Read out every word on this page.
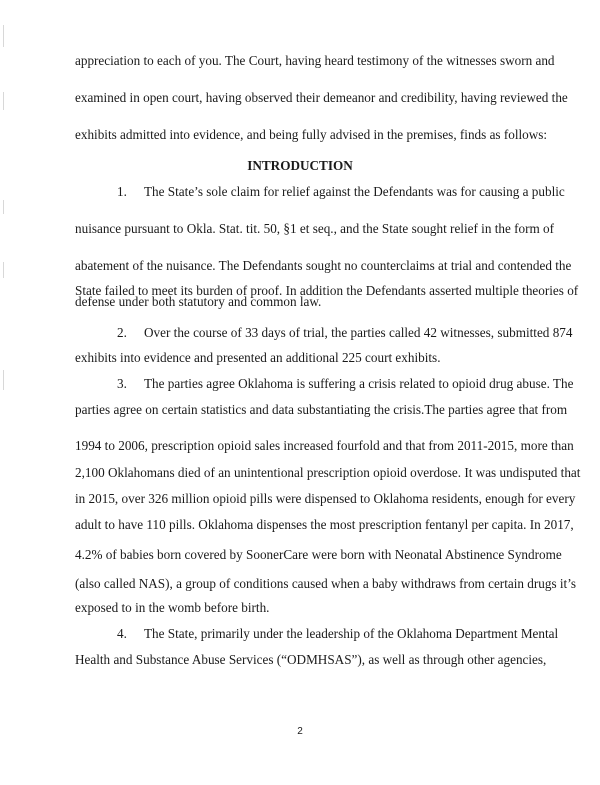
appreciation to each of you. The Court, having heard testimony of the witnesses sworn and
examined in open court, having observed their demeanor and credibility, having reviewed the
exhibits admitted into evidence, and being fully advised in the premises, finds as follows:
INTRODUCTION
1. The State’s sole claim for relief against the Defendants was for causing a public
nuisance pursuant to Okla. Stat. tit. 50, §1 et seq., and the State sought relief in the form of
abatement of the nuisance. The Defendants sought no counterclaims at trial and contended the
State failed to meet its burden of proof. In addition the Defendants asserted multiple theories of
defense under both statutory and common law.
2. Over the course of 33 days of trial, the parties called 42 witnesses, submitted 874
exhibits into evidence and presented an additional 225 court exhibits.
3. The parties agree Oklahoma is suffering a crisis related to opioid drug abuse. The
parties agree on certain statistics and data substantiating the crisis.The parties agree that from
1994 to 2006, prescription opioid sales increased fourfold and that from 2011-2015, more than
2,100 Oklahomans died of an unintentional prescription opioid overdose. It was undisputed that
in 2015, over 326 million opioid pills were dispensed to Oklahoma residents, enough for every
adult to have 110 pills. Oklahoma dispenses the most prescription fentanyl per capita. In 2017,
4.2% of babies born covered by SoonerCare were born with Neonatal Abstinence Syndrome
(also called NAS), a group of conditions caused when a baby withdraws from certain drugs it’s
exposed to in the womb before birth.
4. The State, primarily under the leadership of the Oklahoma Department Mental
Health and Substance Abuse Services (“ODMHSAS”), as well as through other agencies,
2
